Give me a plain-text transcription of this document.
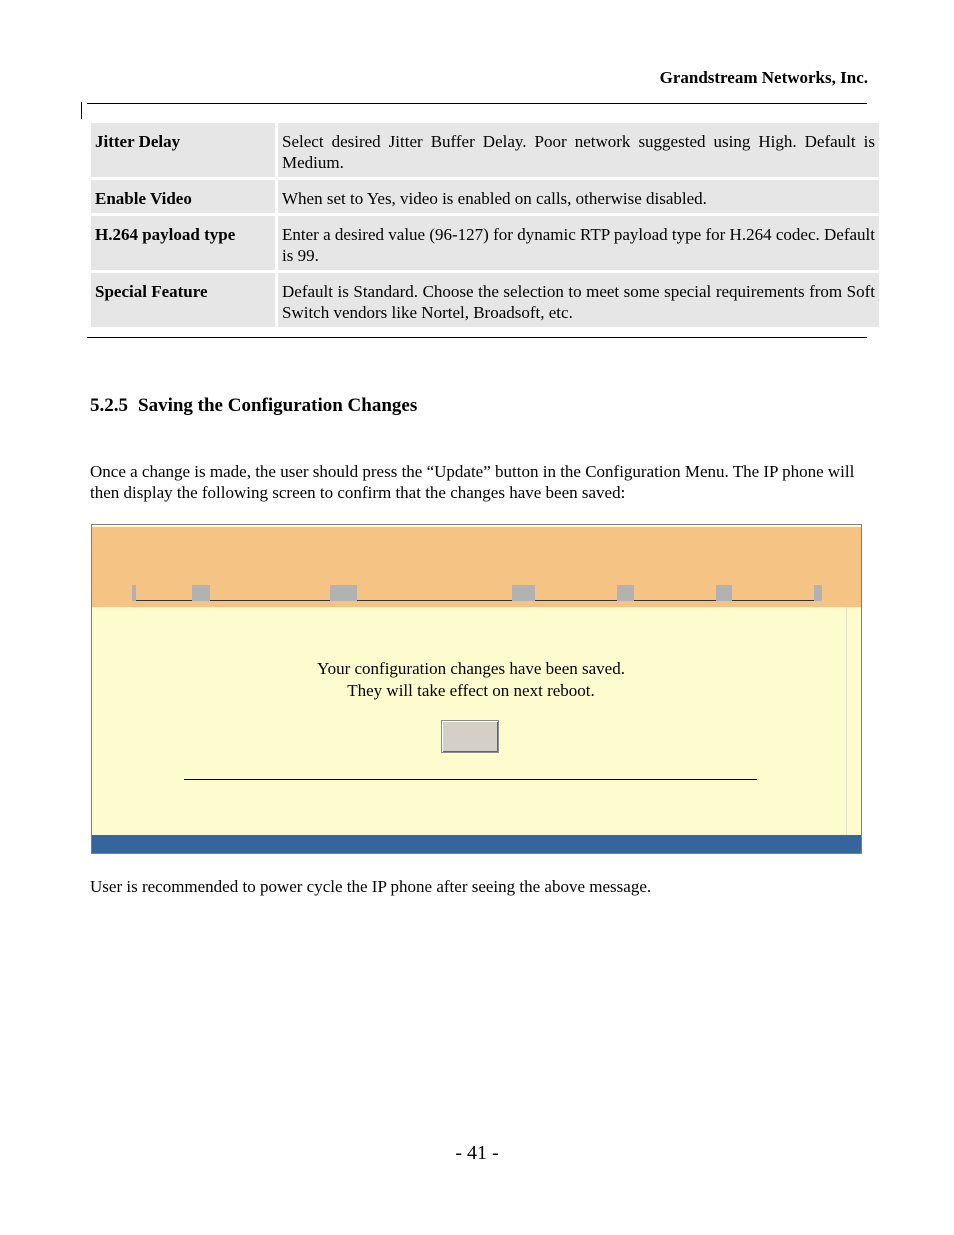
Grandstream Networks, Inc.
Jitter Delay	Select desired Jitter Buffer Delay. Poor network suggested using High. Default is Medium.
Enable Video	When set to Yes, video is enabled on calls, otherwise disabled.
H.264 payload type	Enter a desired value (96-127) for dynamic RTP payload type for H.264 codec. Default is 99.
Special Feature	Default is Standard. Choose the selection to meet some special requirements from Soft Switch vendors like Nortel, Broadsoft, etc.
5.2.5 Saving the Configuration Changes

Once a change is made, the user should press the “Update” button in the Configuration Menu. The IP phone will then display the following screen to confirm that the changes have been saved:

Your configuration changes have been saved.
They will take effect on next reboot.

User is recommended to power cycle the IP phone after seeing the above message.

- 41 -
